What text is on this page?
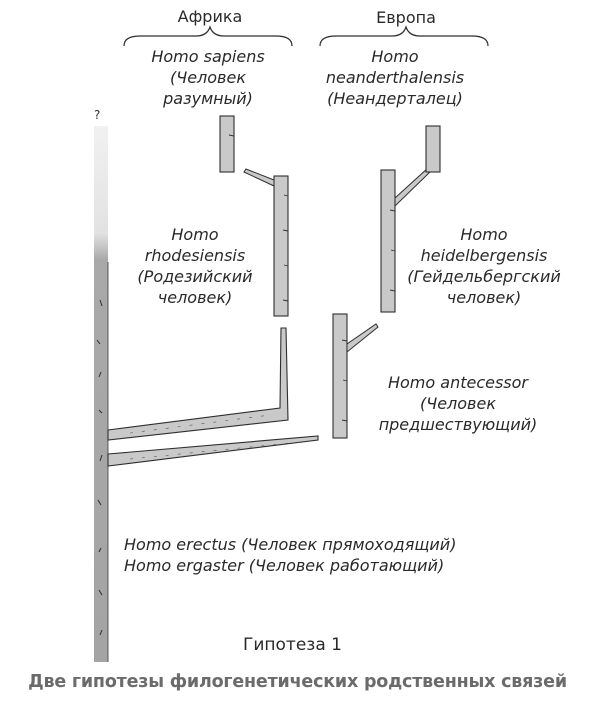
Африка	Европа
Homo sapiens
(Человек
разумный)
Homo
neanderthalensis
(Неандерталец)
Homo
rhodesiensis
(Родезийский
человек)
Homo
heidelbergensis
(Гейдельбергский
человек)
Homo antecessor
(Человек
предшествующий)
Homo erectus (Человек прямоходящий)
Homo ergaster (Человек работающий)
?
Гипотеза 1
Две гипотезы филогенетических родственных связей
